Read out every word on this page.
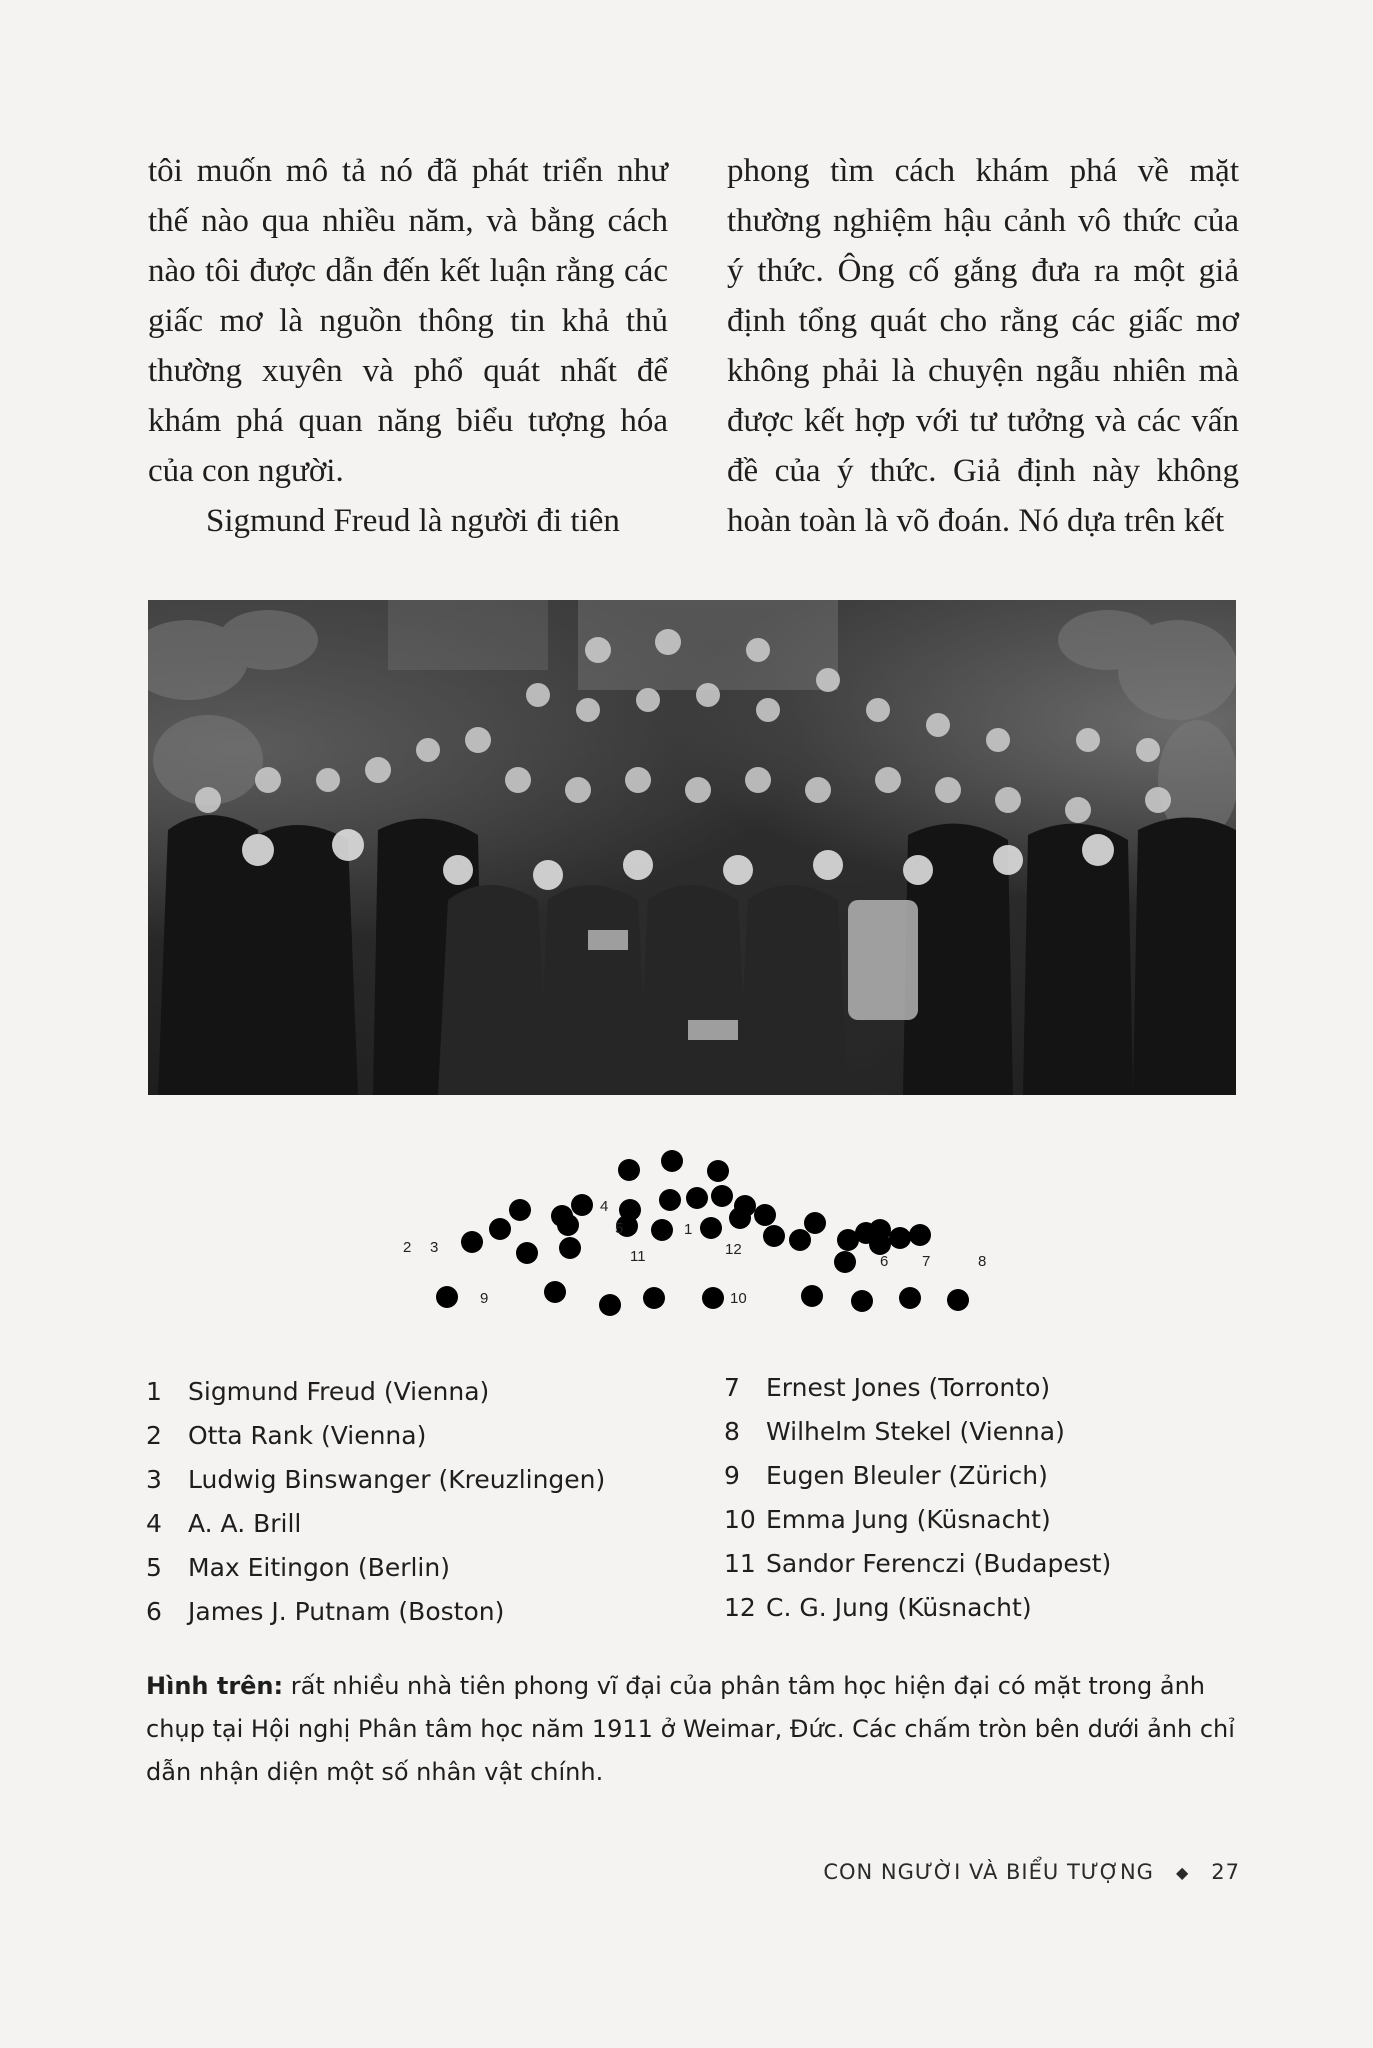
tôi muốn mô tả nó đã phát triển như thế nào qua nhiều năm, và bằng cách nào tôi được dẫn đến kết luận rằng các giấc mơ là nguồn thông tin khả thủ thường xuyên và phổ quát nhất để khám phá quan năng biểu tượng hóa của con người.

Sigmund Freud là người đi tiên

phong tìm cách khám phá về mặt thường nghiệm hậu cảnh vô thức của ý thức. Ông cố gắng đưa ra một giả định tổng quát cho rằng các giấc mơ không phải là chuyện ngẫu nhiên mà được kết hợp với tư tưởng và các vấn đề của ý thức. Giả định này không hoàn toàn là võ đoán. Nó dựa trên kết

1
2 3
4
5
6 7	8
9	10
11	12
1	Sigmund Freud (Vienna)
2	Otta Rank (Vienna)
3	Ludwig Binswanger (Kreuzlingen)
4	A. A. Brill
5	Max Eitingon (Berlin)
6	James J. Putnam (Boston)
7	Ernest Jones (Torronto)
8	Wilhelm Stekel (Vienna)
9	Eugen Bleuler (Zürich)
10 Emma Jung (Küsnacht)
11 Sandor Ferenczi (Budapest)
12 C. G. Jung (Küsnacht)
Hình trên: rất nhiều nhà tiên phong vĩ đại của phân tâm học hiện đại có mặt trong ảnh chụp tại Hội nghị Phân tâm học năm 1911 ở Weimar, Đức. Các chấm tròn bên dưới ảnh chỉ dẫn nhận diện một số nhân vật chính.
CON NGƯỜI VÀ BIỂU TƯỢNG ◆ 27
